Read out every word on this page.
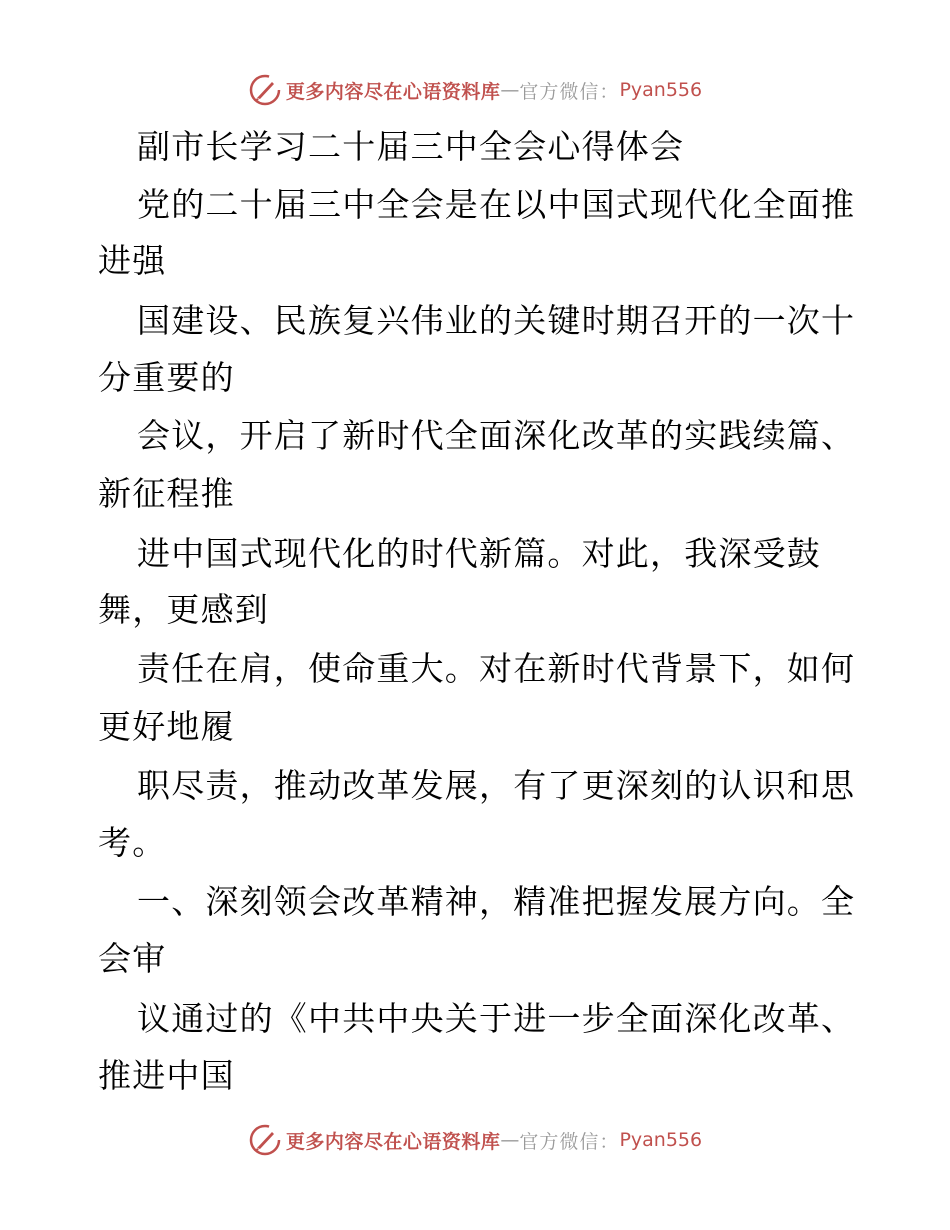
更多内容尽在心语资料库 — 官方微信： Pyan556
副市长学习二十届三中全会心得体会
党的二十届三中全会是在以中国式现代化全面推
进强
国建设、民族复兴伟业的关键时期召开的一次十
分重要的
会议，开启了新时代全面深化改革的实践续篇、
新征程推
进中国式现代化的时代新篇。对此，我深受鼓
舞，更感到
责任在肩，使命重大。对在新时代背景下，如何
更好地履
职尽责，推动改革发展，有了更深刻的认识和思
考。
一、深刻领会改革精神，精准把握发展方向。全
会审
议通过的《中共中央关于进一步全面深化改革、
推进中国
更多内容尽在心语资料库 — 官方微信： Pyan556
